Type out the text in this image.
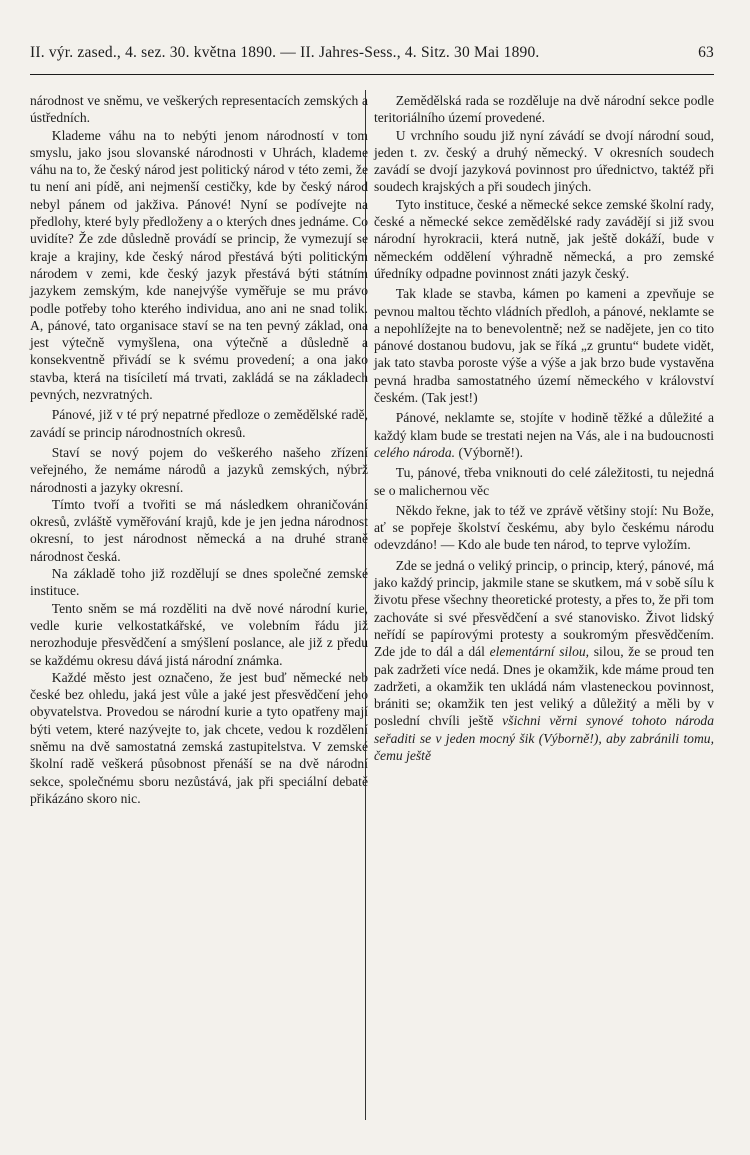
II. výr. zased., 4. sez. 30. května 1890. — II. Jahres-Sess., 4. Sitz. 30 Mai 1890.	63

národnost ve sněmu, ve veškerých representacích zemských a ústředních.

Klademe váhu na to nebýti jenom národností v tom smyslu, jako jsou slovanské národnosti v Uhrách, klademe váhu na to, že český národ jest politický národ v této zemi, že tu není ani pídě, ani nejmenší cestičky, kde by český národ nebyl pánem od jakživa. Pánové! Nyní se podívejte na předlohy, které byly předloženy a o kterých dnes jednáme. Co uvidíte? Že zde důsledně provádí se princip, že vymezují se kraje a krajiny, kde český národ přestává býti politickým národem v zemi, kde český jazyk přestává býti státním jazykem zemským, kde nanejvýše vyměřuje se mu právo podle potřeby toho kterého individua, ano ani ne snad tolik. A, pánové, tato organisace staví se na ten pevný základ, ona jest výtečně vymyšlena, ona výtečně a důsledně a konsekventně přivádí se k svému provedení; a ona jako stavba, která na tisíciletí má trvati, zakládá se na základech pevných, nezvratných.

Pánové, již v té prý nepatrné předloze o zemědělské radě, zavádí se princip národnostních okresů.

Staví se nový pojem do veškerého našeho zřízení veřejného, že nemáme národů a jazyků zemských, nýbrž národnosti a jazyky okresní.

Tímto tvoří a tvořiti se má následkem ohraničování okresů, zvláště vyměřování krajů, kde je jen jedna národnost okresní, to jest národnost německá a na druhé straně národnost česká.

Na základě toho již rozdělují se dnes společné zemské instituce.

Tento sněm se má rozděliti na dvě nové národní kurie, vedle kurie velkostatkářské, ve volebním řádu již nerozhoduje přesvědčení a smýšlení poslance, ale již z předu se každému okresu dává jistá národní známka.

Každé město jest označeno, že jest buď německé neb české bez ohledu, jaká jest vůle a jaké jest přesvědčení jeho obyvatelstva. Provedou se národní kurie a tyto opatřeny mají býti vetem, které nazývejte to, jak chcete, vedou k rozdělení sněmu na dvě samostatná zemská zastupitelstva. V zemské školní radě veškerá působnost přenáší se na dvě národní sekce, společnému sboru nezůstává, jak při speciální debatě přikázáno skoro nic.

Zemědělská rada se rozděluje na dvě národní sekce podle teritoriálního území provedené.

U vrchního soudu již nyní závádí se dvojí národní soud, jeden t. zv. český a druhý německý. V okresních soudech zavádí se dvojí jazyková povinnost pro úřednictvo, taktéž při soudech krajských a při soudech jiných.

Tyto instituce, české a německé sekce zemské školní rady, české a německé sekce zemědělské rady zavádějí si již svou národní hyrokracii, která nutně, jak ještě dokáží, bude v německém oddělení výhradně německá, a pro zemské úředníky odpadne povinnost znáti jazyk český.

Tak klade se stavba, kámen po kameni a zpevňuje se pevnou maltou těchto vládních předloh, a pánové, neklamte se a nepohlížejte na to benevolentně; než se nadějete, jen co tito pánové dostanou budovu, jak se říká „z gruntu“ budete vidět, jak tato stavba poroste výše a výše a jak brzo bude vystavěna pevná hradba samostatného území německého v království českém. (Tak jest!)

Pánové, neklamte se, stojíte v hodině těžké a důležité a každý klam bude se trestati nejen na Vás, ale i na budoucnosti celého národa. (Výborně!).

Tu, pánové, třeba vniknouti do celé záležitosti, tu nejedná se o malichernou věc

Někdo řekne, jak to též ve zprávě většiny stojí: Nu Bože, ať se popřeje školství českému, aby bylo českému národu odevzdáno! — Kdo ale bude ten národ, to teprve vyložím.

Zde se jedná o veliký princip, o princip, který, pánové, má jako každý princip, jakmile stane se skutkem, má v sobě sílu k životu přese všechny theoretické protesty, a přes to, že při tom zachováte si své přesvědčení a své stanovisko. Život lidský neřídí se papírovými protesty a soukromým přesvědčením. Zde jde to dál a dál elementární silou, silou, že se proud ten pak zadržeti více nedá. Dnes je okamžik, kde máme proud ten zadržeti, a okamžik ten ukládá nám vlasteneckou povinnost, brániti se; okamžik ten jest veliký a důležitý a měli by v poslední chvíli ještě všichni věrni synové tohoto národa seřaditi se v jeden mocný šik (Výborně!), aby zabránili tomu, čemu ještě
